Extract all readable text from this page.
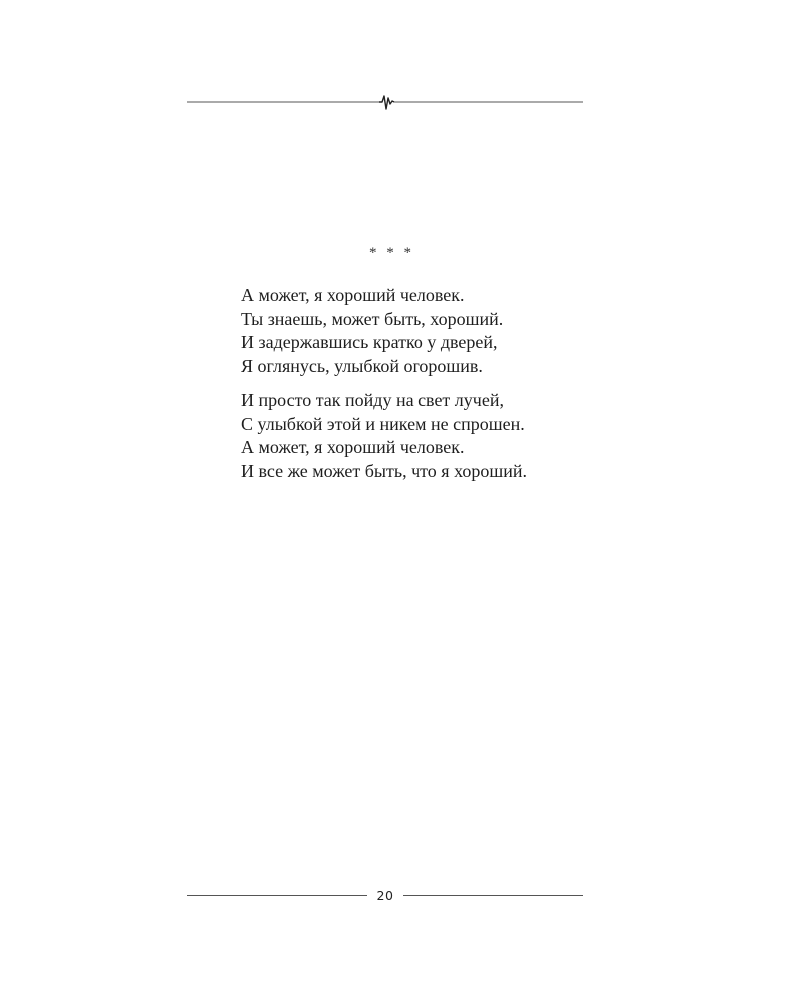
* * *
А может, я хороший человек.
Ты знаешь, может быть, хороший.
И задержавшись кратко у дверей,
Я оглянусь, улыбкой огорошив.
И просто так пойду на свет лучей,
С улыбкой этой и никем не спрошен.
А может, я хороший человек.
И все же может быть, что я хороший.
20
